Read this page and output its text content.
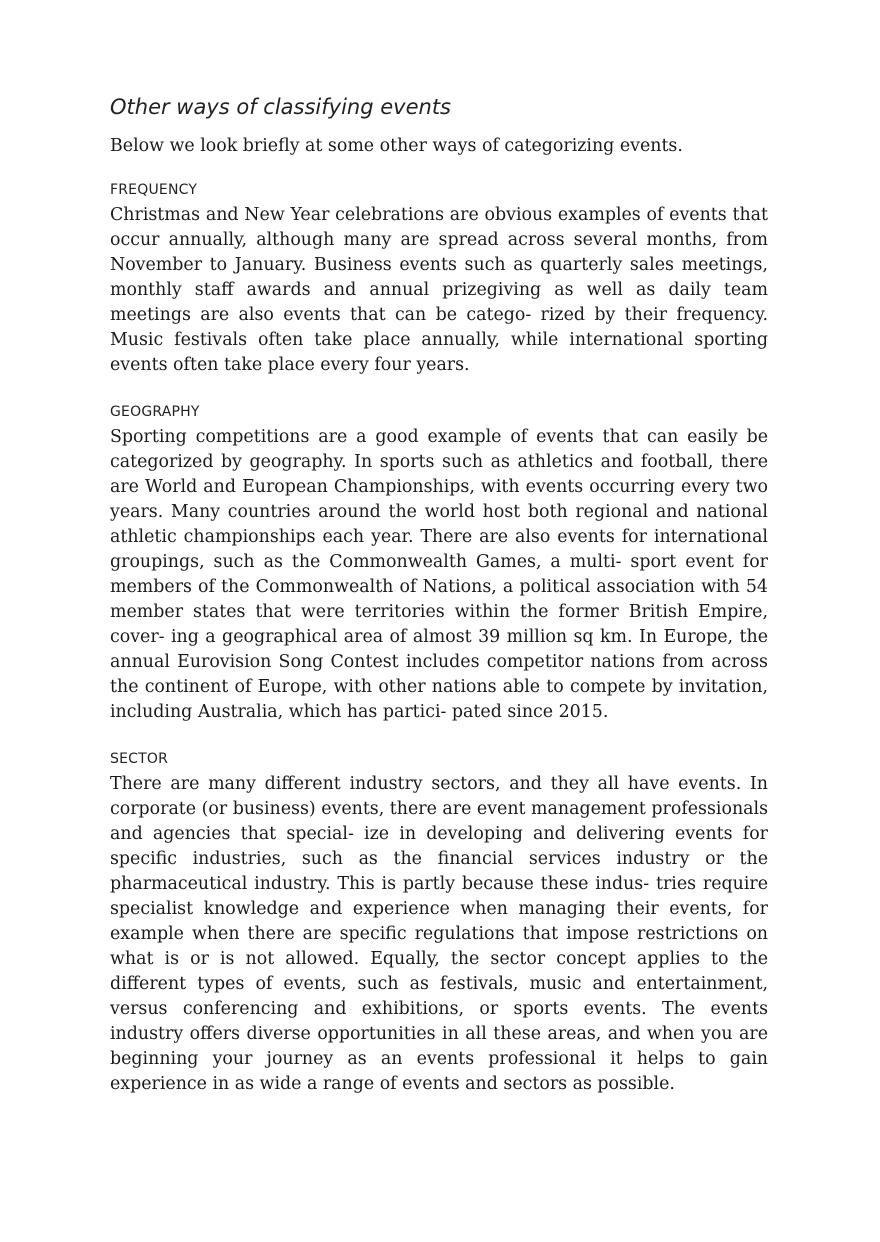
Other ways of classifying events

Below we look briefly at some other ways of categorizing events.

FREQUENCY

Christmas and New Year celebrations are obvious examples of events that occur annually, although many are spread across several months, from November to January. Business events such as quarterly sales meetings, monthly staff awards and annual prizegiving as well as daily team meetings are also events that can be catego- rized by their frequency. Music festivals often take place annually, while international sporting events often take place every four years.

GEOGRAPHY

Sporting competitions are a good example of events that can easily be categorized by geography. In sports such as athletics and football, there are World and European Championships, with events occurring every two years. Many countries around the world host both regional and national athletic championships each year. There are also events for international groupings, such as the Commonwealth Games, a multi- sport event for members of the Commonwealth of Nations, a political association with 54 member states that were territories within the former British Empire, cover- ing a geographical area of almost 39 million sq km. In Europe, the annual Eurovision Song Contest includes competitor nations from across the continent of Europe, with other nations able to compete by invitation, including Australia, which has partici- pated since 2015.

SECTOR

There are many different industry sectors, and they all have events. In corporate (or business) events, there are event management professionals and agencies that special- ize in developing and delivering events for specific industries, such as the financial services industry or the pharmaceutical industry. This is partly because these indus- tries require specialist knowledge and experience when managing their events, for example when there are specific regulations that impose restrictions on what is or is not allowed. Equally, the sector concept applies to the different types of events, such as festivals, music and entertainment, versus conferencing and exhibitions, or sports events. The events industry offers diverse opportunities in all these areas, and when you are beginning your journey as an events professional it helps to gain experience in as wide a range of events and sectors as possible.
